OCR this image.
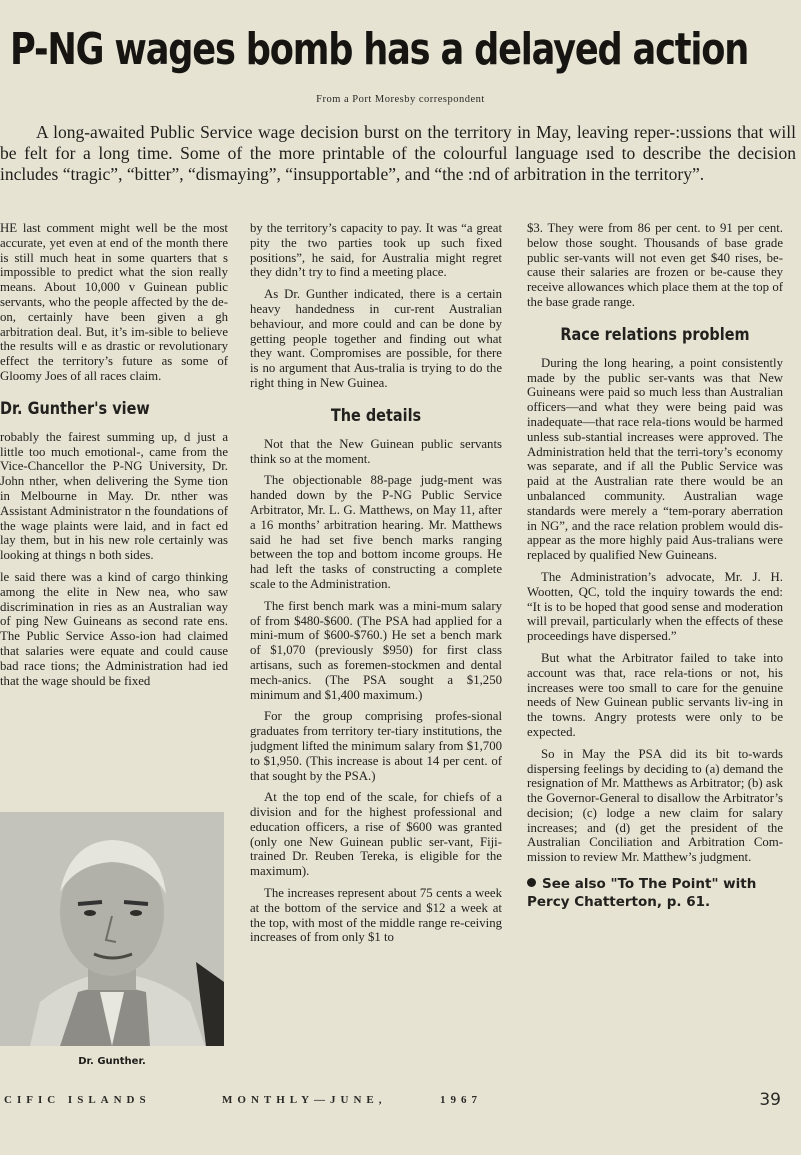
P-NG wages bomb has a delayed action
From a Port Moresby correspondent

A long-awaited Public Service wage decision burst on the territory in May, leaving reper-:ussions that will be felt for a long time. Some of the more printable of the colourful language ısed to describe the decision includes “tragic”, “bitter”, “dismaying”, “insupportable”, and “the :nd of arbitration in the territory”.

HE last comment might well be the most accurate, yet even at end of the month there is still much heat in some quarters that s impossible to predict what the sion really means. About 10,000 v Guinean public servants, who the people affected by the de-on, certainly have been given a gh arbitration deal. But, it’s im-sible to believe the results will e as drastic or revolutionary effect the territory’s future as some of Gloomy Joes of all races claim.

Dr. Gunther's view

robably the fairest summing up, d just a little too much emotional-, came from the Vice-Chancellor the P-NG University, Dr. John nther, when delivering the Syme tion in Melbourne in May. Dr. nther was Assistant Administrator n the foundations of the wage plaints were laid, and in fact ed lay them, but in his new role certainly was looking at things n both sides.

le said there was a kind of cargo thinking among the elite in New nea, who saw discrimination in ries as an Australian way of ping New Guineans as second rate ens. The Public Service Asso-ion had claimed that salaries were equate and could cause bad race tions; the Administration had ied that the wage should be fixed

Dr. Gunther.

by the territory’s capacity to pay. It was “a great pity the two parties took up such fixed positions”, he said, for Australia might regret they didn’t try to find a meeting place.

As Dr. Gunther indicated, there is a certain heavy handedness in cur-rent Australian behaviour, and more could and can be done by getting people together and finding out what they want. Compromises are possible, for there is no argument that Aus-tralia is trying to do the right thing in New Guinea.

The details

Not that the New Guinean public servants think so at the moment.

The objectionable 88-page judg-ment was handed down by the P-NG Public Service Arbitrator, Mr. L. G. Matthews, on May 11, after a 16 months’ arbitration hearing. Mr. Matthews said he had set five bench marks ranging between the top and bottom income groups. He had left the tasks of constructing a complete scale to the Administration.

The first bench mark was a mini-mum salary of from $480-$600. (The PSA had applied for a mini-mum of $600-$760.) He set a bench mark of $1,070 (previously $950) for first class artisans, such as foremen-stockmen and dental mech-anics. (The PSA sought a $1,250 minimum and $1,400 maximum.)

For the group comprising profes-sional graduates from territory ter-tiary institutions, the judgment lifted the minimum salary from $1,700 to $1,950. (This increase is about 14 per cent. of that sought by the PSA.)

At the top end of the scale, for chiefs of a division and for the highest professional and education officers, a rise of $600 was granted (only one New Guinean public ser-vant, Fiji-trained Dr. Reuben Tereka, is eligible for the maximum).

The increases represent about 75 cents a week at the bottom of the service and $12 a week at the top, with most of the middle range re-ceiving increases of from only $1 to

$3. They were from 86 per cent. to 91 per cent. below those sought. Thousands of base grade public ser-vants will not even get $40 rises, be-cause their salaries are frozen or be-cause they receive allowances which place them at the top of the base grade range.

Race relations problem

During the long hearing, a point consistently made by the public ser-vants was that New Guineans were paid so much less than Australian officers—and what they were being paid was inadequate—that race rela-tions would be harmed unless sub-stantial increases were approved. The Administration held that the terri-tory’s economy was separate, and if all the Public Service was paid at the Australian rate there would be an unbalanced community. Australian wage standards were merely a “tem-porary aberration in NG”, and the race relation problem would dis-appear as the more highly paid Aus-tralians were replaced by qualified New Guineans.

The Administration’s advocate, Mr. J. H. Wootten, QC, told the inquiry towards the end: “It is to be hoped that good sense and moderation will prevail, particularly when the effects of these proceedings have dispersed.”

But what the Arbitrator failed to take into account was that, race rela-tions or not, his increases were too small to care for the genuine needs of New Guinean public servants liv-ing in the towns. Angry protests were only to be expected.

So in May the PSA did its bit to-wards dispersing feelings by deciding to (a) demand the resignation of Mr. Matthews as Arbitrator; (b) ask the Governor-General to disallow the Arbitrator’s decision; (c) lodge a new claim for salary increases; and (d) get the president of the Australian Conciliation and Arbitration Com-mission to review Mr. Matthew’s judgment.

See also "To The Point" with Percy Chatterton, p. 61.
CIFIC ISLANDS	MONTHLY—JUNE,	1967	39
